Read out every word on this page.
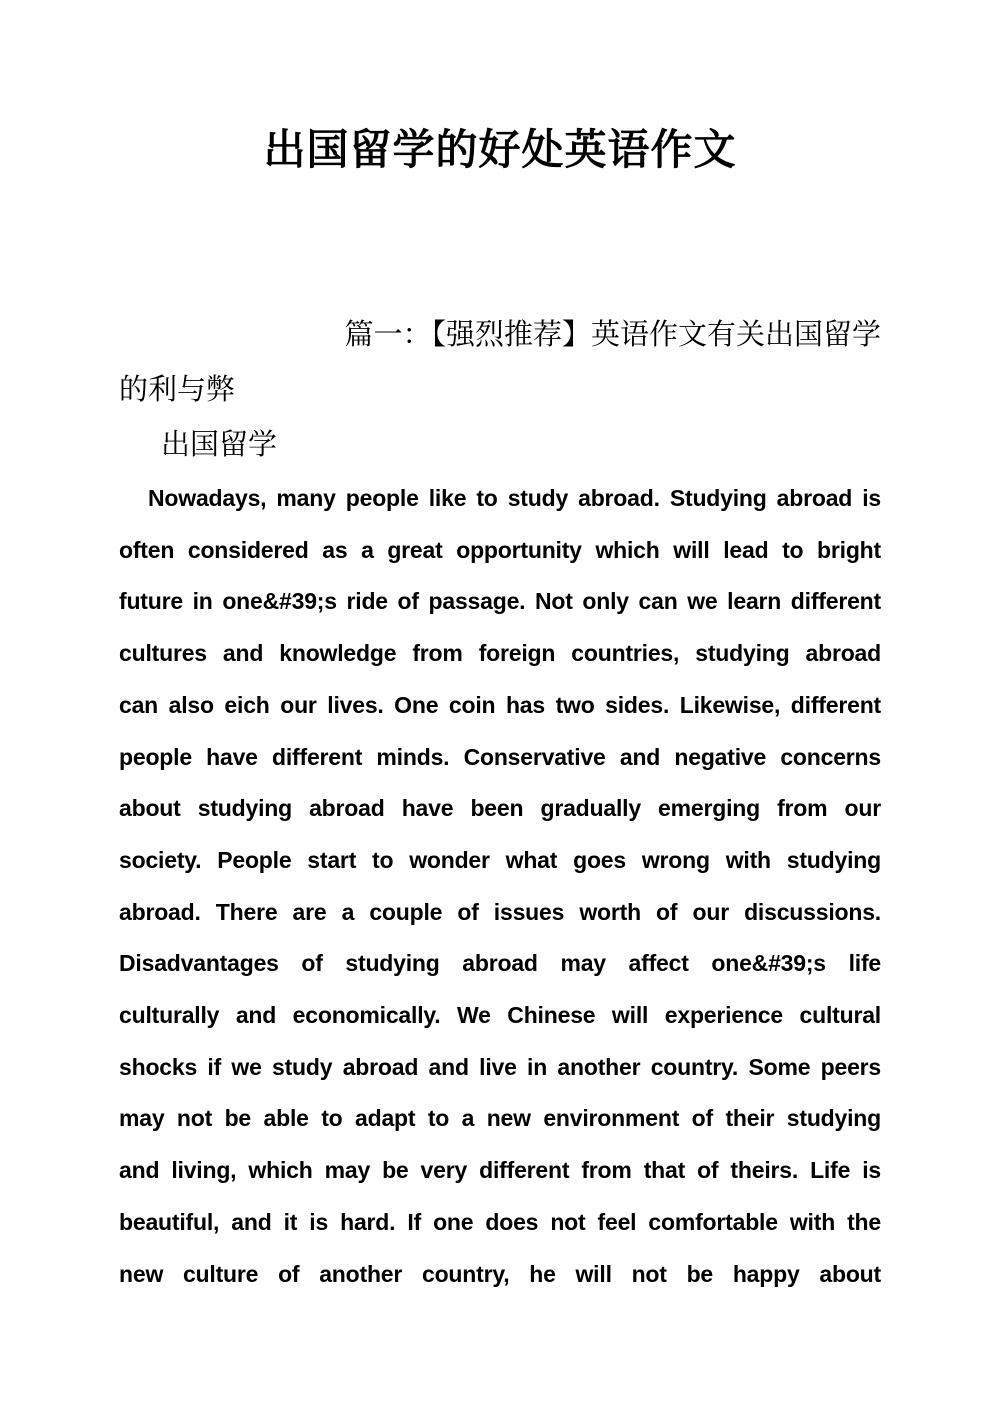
出国留学的好处英语作文
篇一：【强烈推荐】英语作文有关出国留学
的利与弊
出国留学
Nowadays, many people like to study abroad. Studying abroad is
often considered as a great opportunity which will lead to bright
future in one&#39;s ride of passage. Not only can we learn different
cultures and knowledge from foreign countries, studying abroad
can also eich our lives. One coin has two sides. Likewise, different
people have different minds. Conservative and negative concerns
about studying abroad have been gradually emerging from our
society. People start to wonder what goes wrong with studying
abroad. There are a couple of issues worth of our discussions.
Disadvantages of studying abroad may affect one&#39;s life
culturally and economically. We Chinese will experience cultural
shocks if we study abroad and live in another country. Some peers
may not be able to adapt to a new environment of their studying
and living, which may be very different from that of theirs. Life is
beautiful, and it is hard. If one does not feel comfortable with the
new culture of another country, he will not be happy about
